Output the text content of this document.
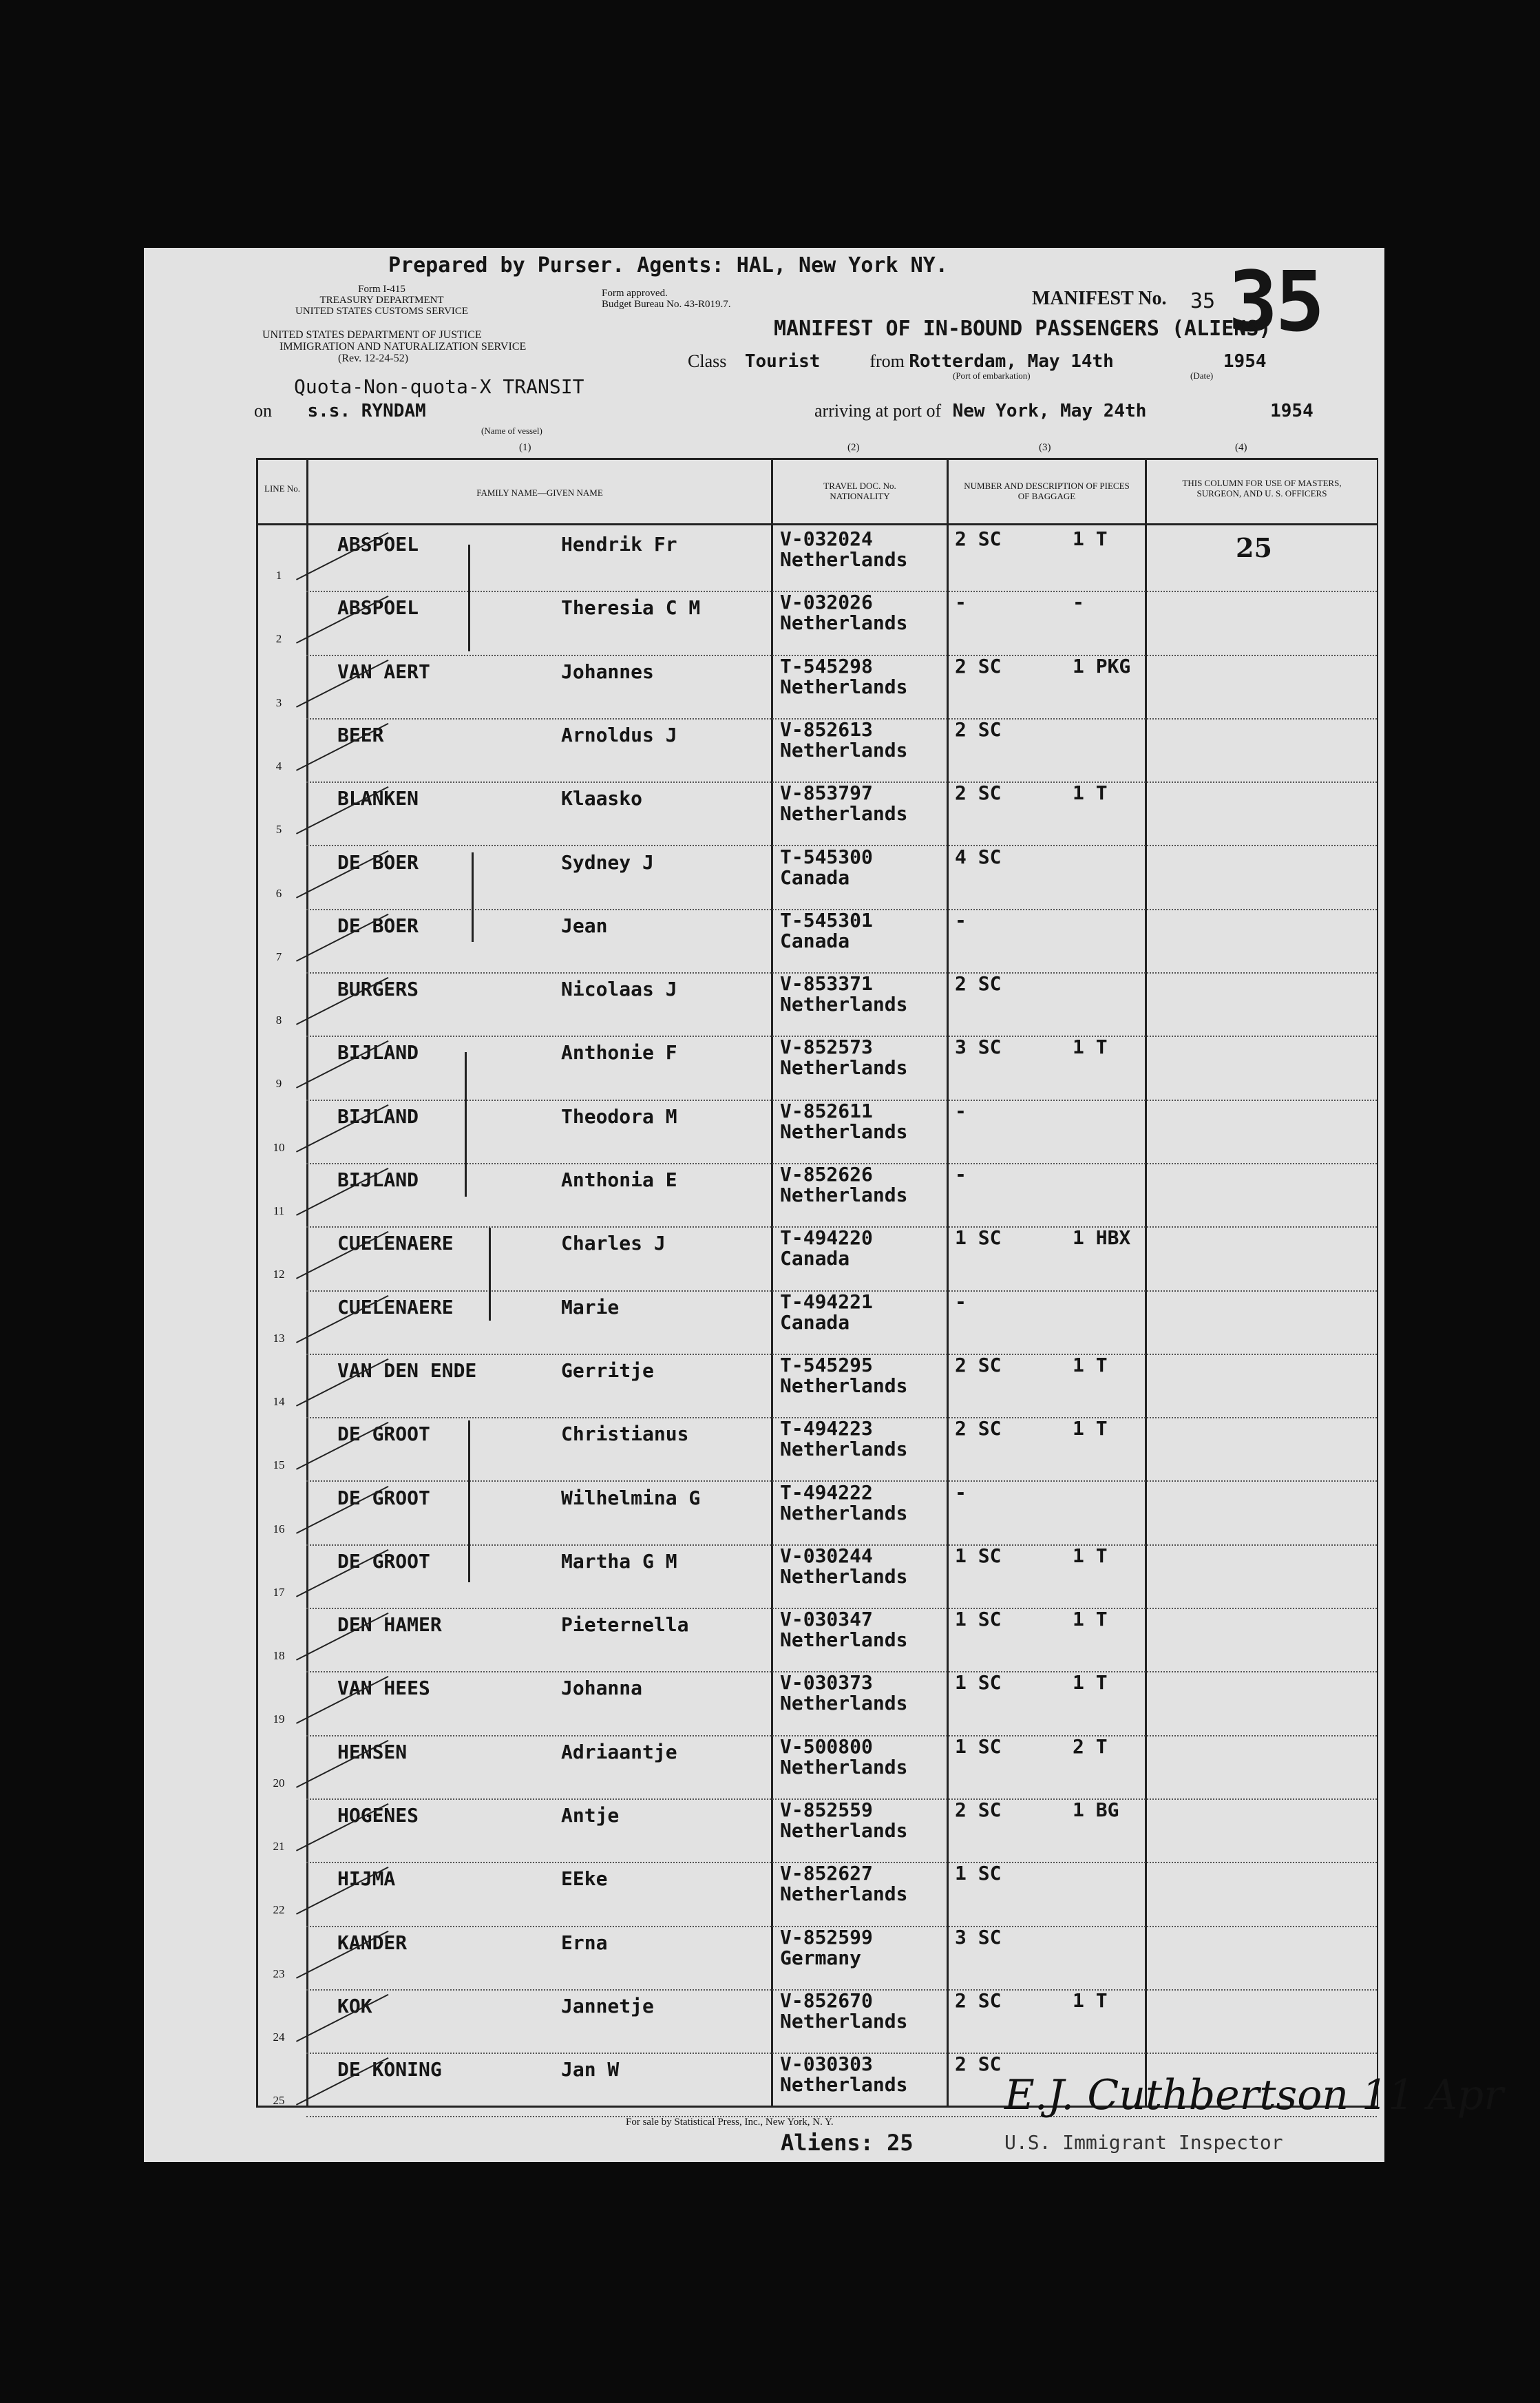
Prepared by Purser. Agents: HAL, New York NY.
Form I-415
TREASURY DEPARTMENT
UNITED STATES CUSTOMS SERVICE
Form approved.
Budget Bureau No. 43-R019.7.
UNITED STATES DEPARTMENT OF JUSTICE
IMMIGRATION AND NATURALIZATION SERVICE
(Rev. 12-24-52)
MANIFEST No. 35 35
MANIFEST OF IN-BOUND PASSENGERS (ALIENS)
Class Tourist	from Rotterdam, May 14th	1954
(Port of embarkation)	(Date)
Quota-Non-quota-X TRANSIT
on s.s. RYNDAM	arriving at port of New York, May 24th	1954
(Name of vessel)
(1)	(2)	(3)	(4)
LINE No.	FAMILY NAME—GIVEN NAME
TRAVEL DOC. No. NATIONALITY
NUMBER AND DESCRIPTION OF PIECES OF BAGGAGE
THIS COLUMN FOR USE OF MASTERS, SURGEON, AND U. S. OFFICERS
25
1
ABSPOEL	Hendrik Fr	V-032024
Netherlands
2 SC	1 T
2
ABSPOEL	Theresia C M	V-032026
Netherlands
-	-
3
VAN AERT	Johannes	T-545298
Netherlands
2 SC	1 PKG
4
BEER	Arnoldus J	V-852613
Netherlands
2 SC
5
BLANKEN	Klaasko	V-853797
Netherlands
2 SC	1 T
6
DE BOER	Sydney J	T-545300
Canada
4 SC
7
DE BOER	Jean	T-545301
Canada
-
8
BURGERS	Nicolaas J	V-853371
Netherlands
2 SC
9
BIJLAND	Anthonie F	V-852573
Netherlands
3 SC	1 T
10
BIJLAND	Theodora M	V-852611
Netherlands
-
11
BIJLAND	Anthonia E	V-852626
Netherlands
-
12
CUELENAERE	Charles J	T-494220
Canada
1 SC	1 HBX
13
CUELENAERE	Marie	T-494221
Canada
-
14
VAN DEN ENDE	Gerritje	T-545295
Netherlands
2 SC	1 T
15
DE GROOT	Christianus	T-494223
Netherlands
2 SC	1 T
16
DE GROOT	Wilhelmina G	T-494222
Netherlands
-
17
DE GROOT	Martha G M	V-030244
Netherlands
1 SC	1 T
18
DEN HAMER	Pieternella	V-030347
Netherlands
1 SC	1 T
19
VAN HEES	Johanna	V-030373
Netherlands
1 SC	1 T
20
HENSEN	Adriaantje	V-500800
Netherlands
1 SC	2 T
21
HOGENES	Antje	V-852559
Netherlands
2 SC	1 BG
22
HIJMA	EEke	V-852627
Netherlands
1 SC
23
KANDER	Erna	V-852599
Germany
3 SC
24
KOK	Jannetje	V-852670
Netherlands
2 SC	1 T
25
DE KONING	Jan W	V-030303
Netherlands
2 SC
E.J. Cuthbertson 11 Apr
For sale by Statistical Press, Inc., New York, N. Y.
Aliens: 25	U.S. Immigrant Inspector
